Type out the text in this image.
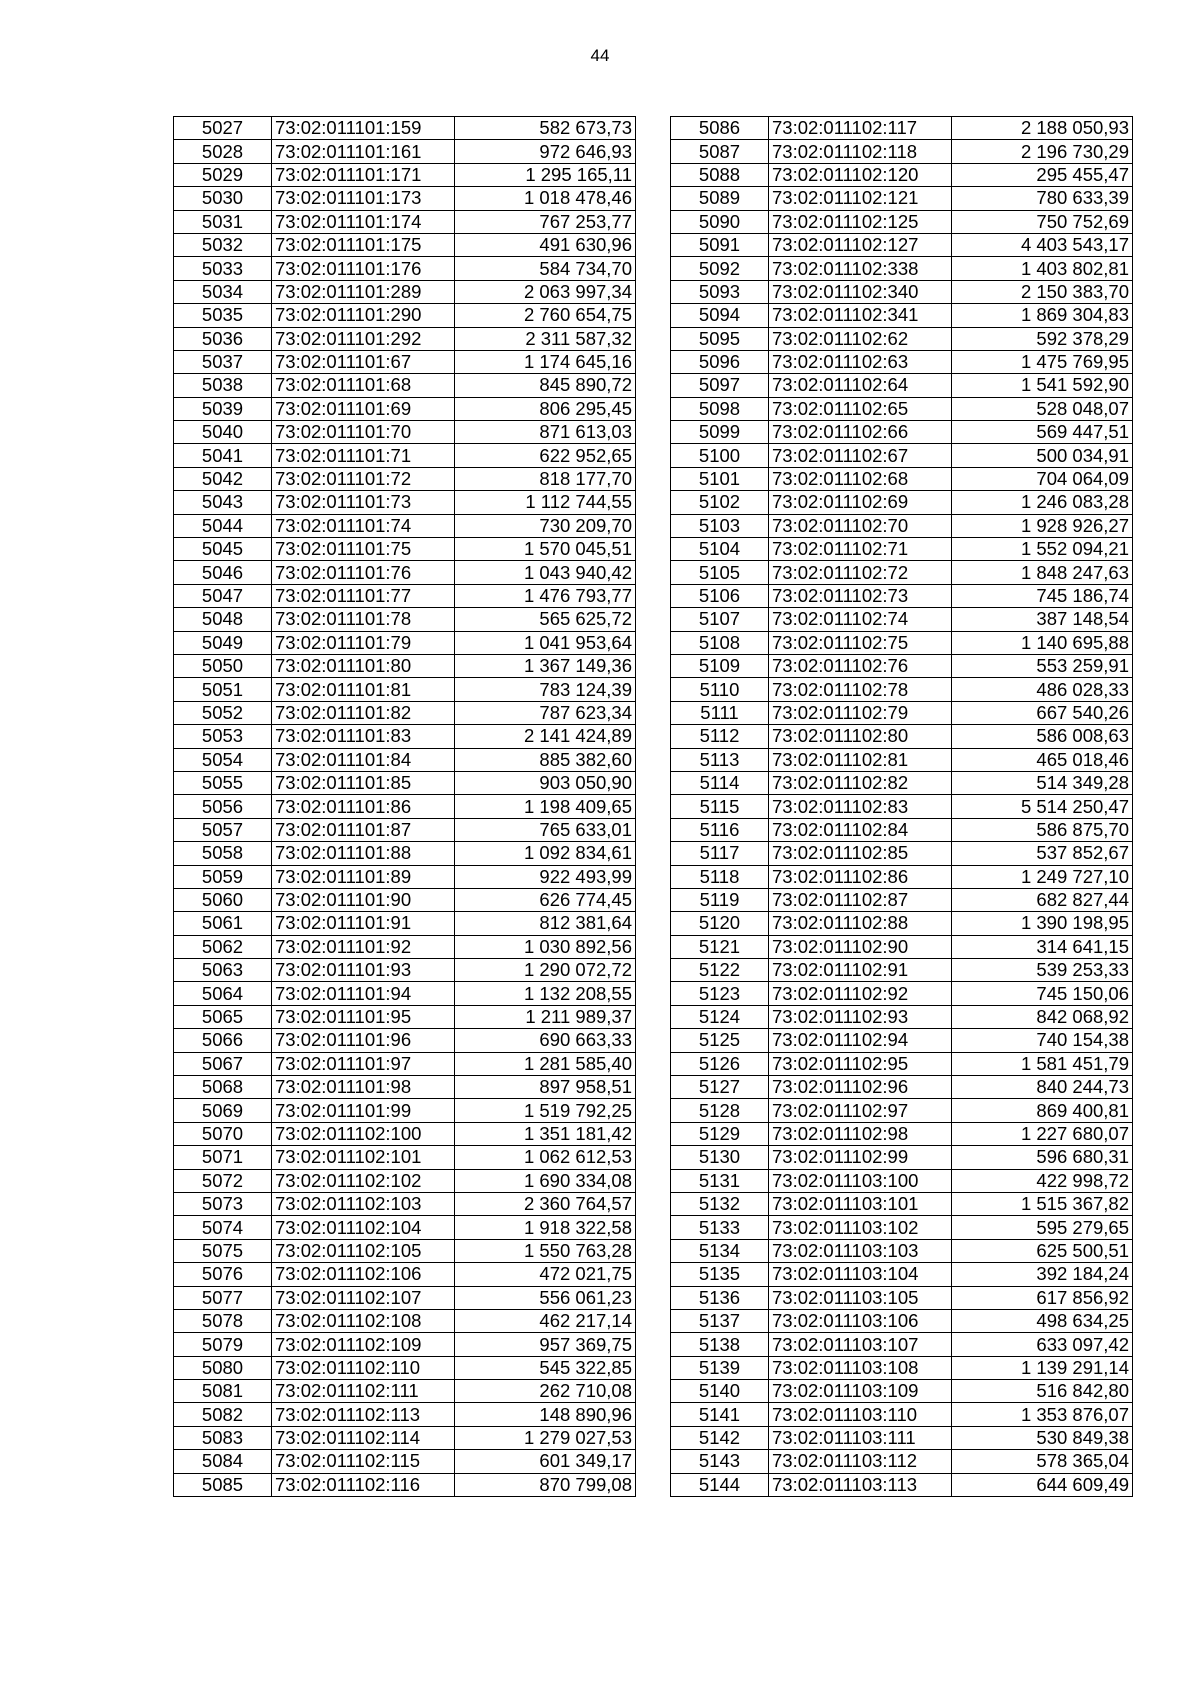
44
5027	73:02:011101:159	582 673,73
5028	73:02:011101:161	972 646,93
5029	73:02:011101:171	1 295 165,11
5030	73:02:011101:173	1 018 478,46
5031	73:02:011101:174	767 253,77
5032	73:02:011101:175	491 630,96
5033	73:02:011101:176	584 734,70
5034	73:02:011101:289	2 063 997,34
5035	73:02:011101:290	2 760 654,75
5036	73:02:011101:292	2 311 587,32
5037	73:02:011101:67	1 174 645,16
5038	73:02:011101:68	845 890,72
5039	73:02:011101:69	806 295,45
5040	73:02:011101:70	871 613,03
5041	73:02:011101:71	622 952,65
5042	73:02:011101:72	818 177,70
5043	73:02:011101:73	1 112 744,55
5044	73:02:011101:74	730 209,70
5045	73:02:011101:75	1 570 045,51
5046	73:02:011101:76	1 043 940,42
5047	73:02:011101:77	1 476 793,77
5048	73:02:011101:78	565 625,72
5049	73:02:011101:79	1 041 953,64
5050	73:02:011101:80	1 367 149,36
5051	73:02:011101:81	783 124,39
5052	73:02:011101:82	787 623,34
5053	73:02:011101:83	2 141 424,89
5054	73:02:011101:84	885 382,60
5055	73:02:011101:85	903 050,90
5056	73:02:011101:86	1 198 409,65
5057	73:02:011101:87	765 633,01
5058	73:02:011101:88	1 092 834,61
5059	73:02:011101:89	922 493,99
5060	73:02:011101:90	626 774,45
5061	73:02:011101:91	812 381,64
5062	73:02:011101:92	1 030 892,56
5063	73:02:011101:93	1 290 072,72
5064	73:02:011101:94	1 132 208,55
5065	73:02:011101:95	1 211 989,37
5066	73:02:011101:96	690 663,33
5067	73:02:011101:97	1 281 585,40
5068	73:02:011101:98	897 958,51
5069	73:02:011101:99	1 519 792,25
5070	73:02:011102:100	1 351 181,42
5071	73:02:011102:101	1 062 612,53
5072	73:02:011102:102	1 690 334,08
5073	73:02:011102:103	2 360 764,57
5074	73:02:011102:104	1 918 322,58
5075	73:02:011102:105	1 550 763,28
5076	73:02:011102:106	472 021,75
5077	73:02:011102:107	556 061,23
5078	73:02:011102:108	462 217,14
5079	73:02:011102:109	957 369,75
5080	73:02:011102:110	545 322,85
5081	73:02:011102:111	262 710,08
5082	73:02:011102:113	148 890,96
5083	73:02:011102:114	1 279 027,53
5084	73:02:011102:115	601 349,17
5085	73:02:011102:116	870 799,08
5086	73:02:011102:117	2 188 050,93
5087	73:02:011102:118	2 196 730,29
5088	73:02:011102:120	295 455,47
5089	73:02:011102:121	780 633,39
5090	73:02:011102:125	750 752,69
5091	73:02:011102:127	4 403 543,17
5092	73:02:011102:338	1 403 802,81
5093	73:02:011102:340	2 150 383,70
5094	73:02:011102:341	1 869 304,83
5095	73:02:011102:62	592 378,29
5096	73:02:011102:63	1 475 769,95
5097	73:02:011102:64	1 541 592,90
5098	73:02:011102:65	528 048,07
5099	73:02:011102:66	569 447,51
5100	73:02:011102:67	500 034,91
5101	73:02:011102:68	704 064,09
5102	73:02:011102:69	1 246 083,28
5103	73:02:011102:70	1 928 926,27
5104	73:02:011102:71	1 552 094,21
5105	73:02:011102:72	1 848 247,63
5106	73:02:011102:73	745 186,74
5107	73:02:011102:74	387 148,54
5108	73:02:011102:75	1 140 695,88
5109	73:02:011102:76	553 259,91
5110	73:02:011102:78	486 028,33
5111	73:02:011102:79	667 540,26
5112	73:02:011102:80	586 008,63
5113	73:02:011102:81	465 018,46
5114	73:02:011102:82	514 349,28
5115	73:02:011102:83	5 514 250,47
5116	73:02:011102:84	586 875,70
5117	73:02:011102:85	537 852,67
5118	73:02:011102:86	1 249 727,10
5119	73:02:011102:87	682 827,44
5120	73:02:011102:88	1 390 198,95
5121	73:02:011102:90	314 641,15
5122	73:02:011102:91	539 253,33
5123	73:02:011102:92	745 150,06
5124	73:02:011102:93	842 068,92
5125	73:02:011102:94	740 154,38
5126	73:02:011102:95	1 581 451,79
5127	73:02:011102:96	840 244,73
5128	73:02:011102:97	869 400,81
5129	73:02:011102:98	1 227 680,07
5130	73:02:011102:99	596 680,31
5131	73:02:011103:100	422 998,72
5132	73:02:011103:101	1 515 367,82
5133	73:02:011103:102	595 279,65
5134	73:02:011103:103	625 500,51
5135	73:02:011103:104	392 184,24
5136	73:02:011103:105	617 856,92
5137	73:02:011103:106	498 634,25
5138	73:02:011103:107	633 097,42
5139	73:02:011103:108	1 139 291,14
5140	73:02:011103:109	516 842,80
5141	73:02:011103:110	1 353 876,07
5142	73:02:011103:111	530 849,38
5143	73:02:011103:112	578 365,04
5144	73:02:011103:113	644 609,49
